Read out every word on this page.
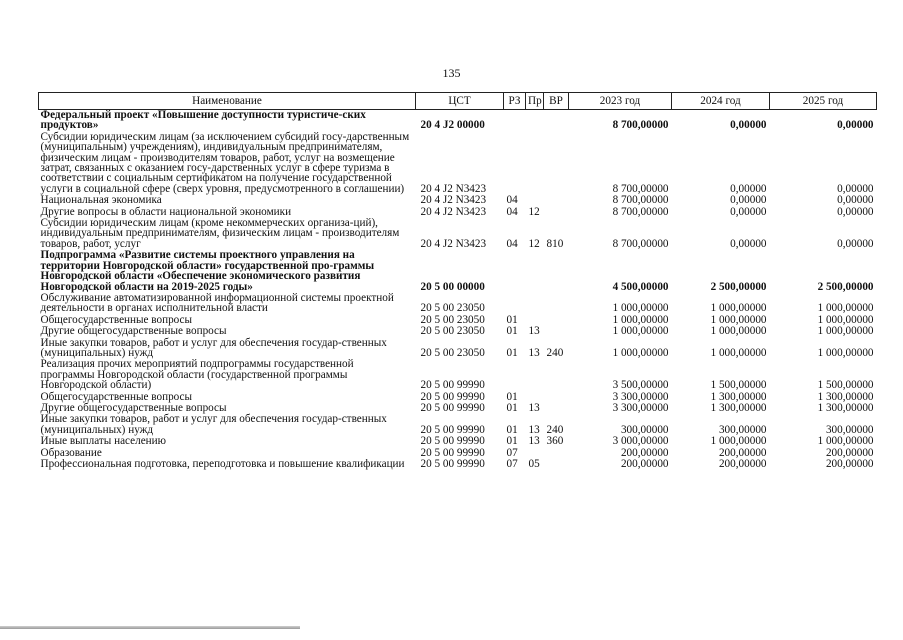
135
Наименование	ЦСТ	РЗ	Пр	ВР	2023 год	2024 год	2025 год
Федеральный проект «Повышение доступности туристиче-ских продуктов»	20 4 J2 00000				8 700,00000	0,00000	0,00000
Субсидии юридическим лицам (за исключением субсидий госу-дарственным (муниципальным) учреждениям), индивидуальным предпринимателям, физическим лицам - производителям товаров, работ, услуг на возмещение затрат, связанных с оказанием госу-дарственных услуг в сфере туризма в соответствии с социальным сертификатом на получение государственной услуги в социальной сфере (сверх уровня, предусмотренного в соглашении)	20 4 J2 N3423				8 700,00000	0,00000	0,00000
Национальная экономика	20 4 J2 N3423	04			8 700,00000	0,00000	0,00000
Другие вопросы в области национальной экономики	20 4 J2 N3423	04	12		8 700,00000	0,00000	0,00000
Субсидии юридическим лицам (кроме некоммерческих организа-ций), индивидуальным предпринимателям, физическим лицам - производителям товаров, работ, услуг	20 4 J2 N3423	04	12	810	8 700,00000	0,00000	0,00000
Подпрограмма «Развитие системы проектного управления на территории Новгородской области» государственной про-граммы Новгородской области «Обеспечение экономического развития Новгородской области на 2019-2025 годы»	20 5 00 00000				4 500,00000	2 500,00000	2 500,00000
Обслуживание автоматизированной информационной системы проектной деятельности в органах исполнительной власти	20 5 00 23050				1 000,00000	1 000,00000	1 000,00000
Общегосударственные вопросы	20 5 00 23050	01			1 000,00000	1 000,00000	1 000,00000
Другие общегосударственные вопросы	20 5 00 23050	01	13		1 000,00000	1 000,00000	1 000,00000
Иные закупки товаров, работ и услуг для обеспечения государ-ственных (муниципальных) нужд	20 5 00 23050	01	13	240	1 000,00000	1 000,00000	1 000,00000
Реализация прочих мероприятий подпрограммы государственной программы Новгородской области (государственной программы Новгородской области)	20 5 00 99990				3 500,00000	1 500,00000	1 500,00000
Общегосударственные вопросы	20 5 00 99990	01			3 300,00000	1 300,00000	1 300,00000
Другие общегосударственные вопросы	20 5 00 99990	01	13		3 300,00000	1 300,00000	1 300,00000
Иные закупки товаров, работ и услуг для обеспечения государ-ственных (муниципальных) нужд	20 5 00 99990	01	13	240	300,00000	300,00000	300,00000
Иные выплаты населению	20 5 00 99990	01	13	360	3 000,00000	1 000,00000	1 000,00000
Образование	20 5 00 99990	07			200,00000	200,00000	200,00000
Профессиональная подготовка, переподготовка и повышение квалификации	20 5 00 99990	07	05		200,00000	200,00000	200,00000
